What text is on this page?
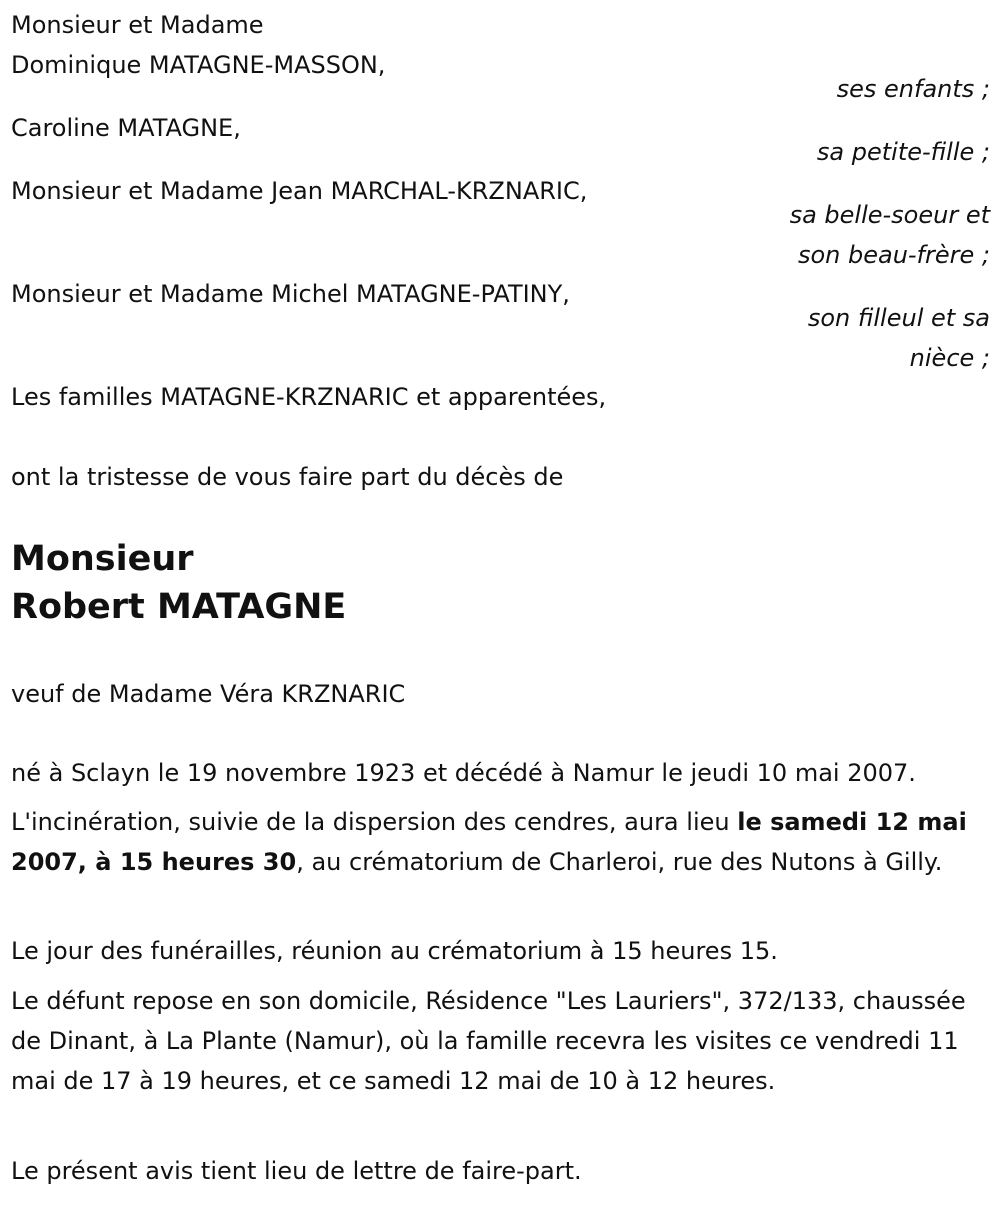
Monsieur et Madame
Dominique MATAGNE-MASSON,
ses enfants ;
Caroline MATAGNE,
sa petite-fille ;
Monsieur et Madame Jean MARCHAL-KRZNARIC,
sa belle-soeur et
son beau-frère ;
Monsieur et Madame Michel MATAGNE-PATINY,
son filleul et sa
nièce ;
Les familles MATAGNE-KRZNARIC et apparentées,
ont la tristesse de vous faire part du décès de
Monsieur
Robert MATAGNE
veuf de Madame Véra KRZNARIC
né à Sclayn le 19 novembre 1923 et décédé à Namur le jeudi 10 mai 2007.
L'incinération, suivie de la dispersion des cendres, aura lieu le samedi 12 mai 2007, à 15 heures 30, au crématorium de Charleroi, rue des Nutons à Gilly.
Le jour des funérailles, réunion au crématorium à 15 heures 15.
Le défunt repose en son domicile, Résidence "Les Lauriers", 372/133, chaussée de Dinant, à La Plante (Namur), où la famille recevra les visites ce vendredi 11 mai de 17 à 19 heures, et ce samedi 12 mai de 10 à 12 heures.
Le présent avis tient lieu de lettre de faire-part.
